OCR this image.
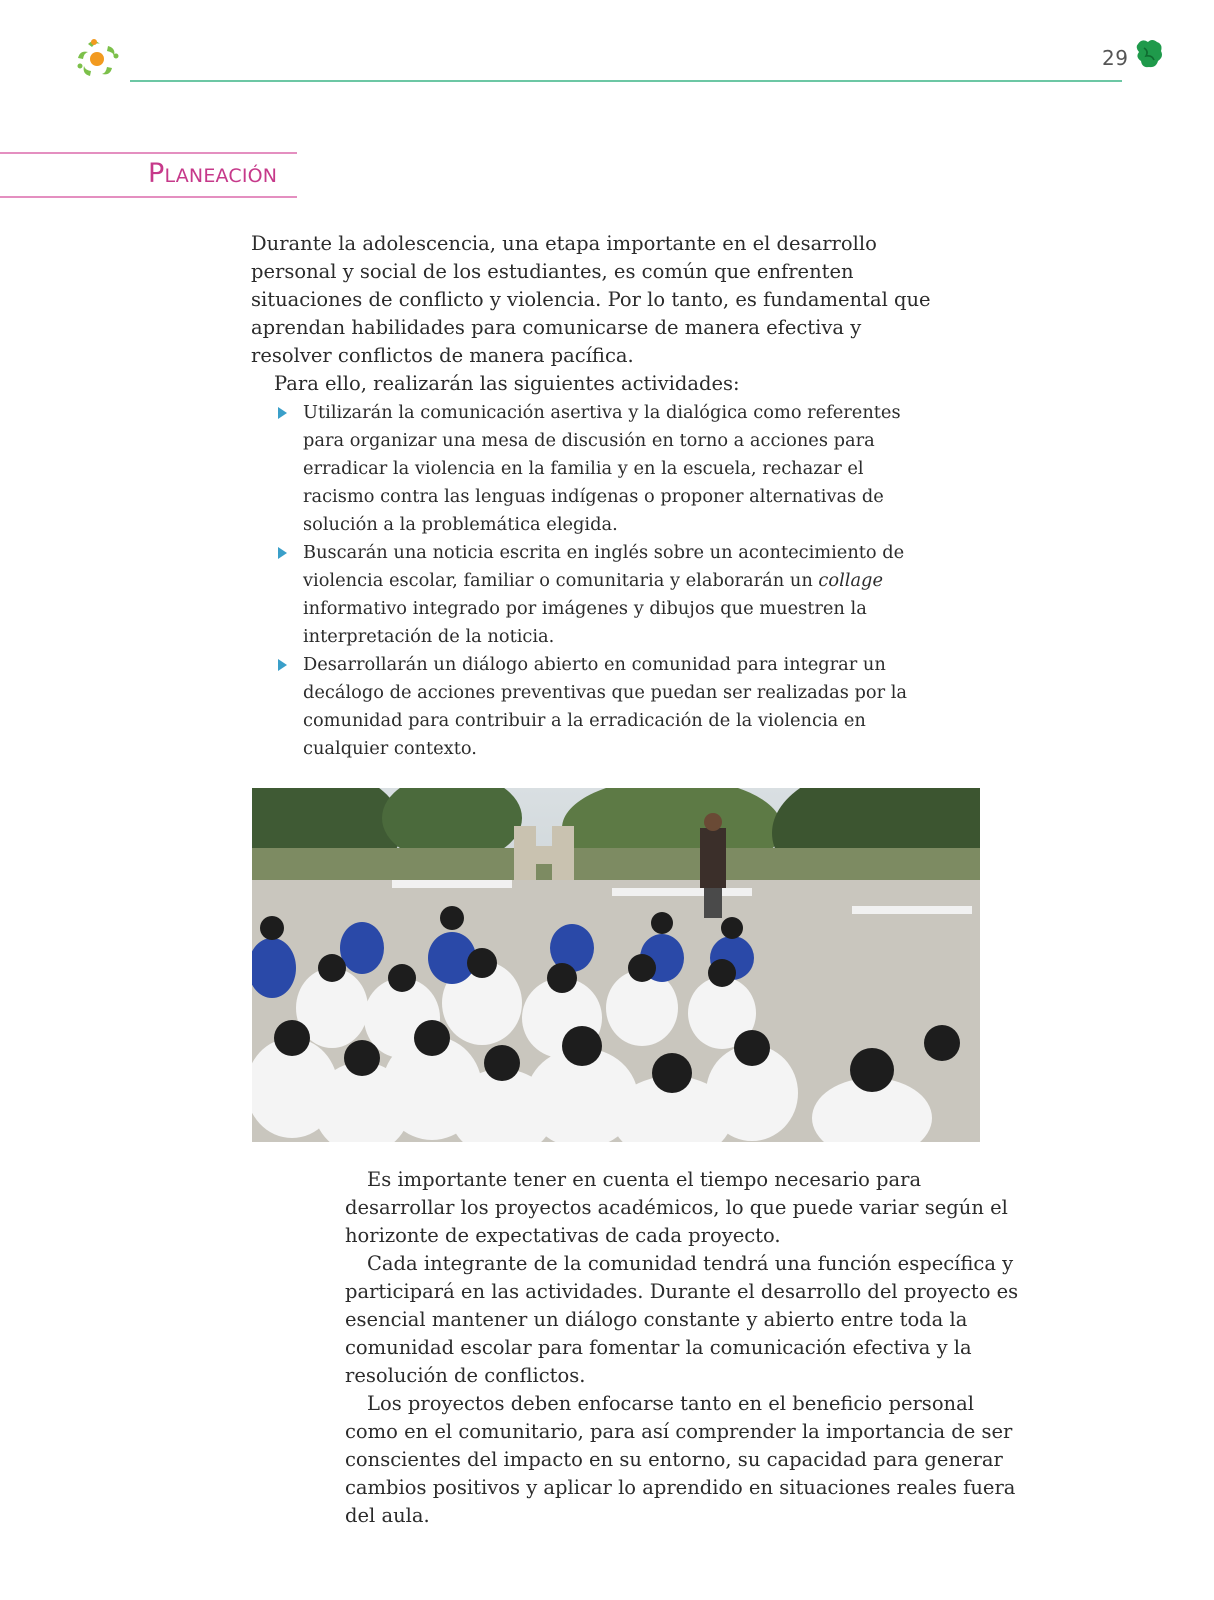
29
Planeación

Durante la adolescencia, una etapa importante en el desarrollo personal y social de los estudiantes, es común que enfrenten situaciones de conflicto y violencia. Por lo tanto, es fundamental que aprendan habilidades para comunicarse de manera efectiva y resolver conflictos de manera pacífica.

Para ello, realizarán las siguientes actividades:

Utilizarán la comunicación asertiva y la dialógica como referentes para organizar una mesa de discusión en torno a acciones para erradicar la violencia en la familia y en la escuela, rechazar el racismo contra las lenguas indígenas o proponer alternativas de solución a la problemática elegida.
Buscarán una noticia escrita en inglés sobre un acontecimiento de violencia escolar, familiar o comunitaria y elaborarán un collage informativo integrado por imágenes y dibujos que muestren la interpretación de la noticia.
Desarrollarán un diálogo abierto en comunidad para integrar un decálogo de acciones preventivas que puedan ser realizadas por la comunidad para contribuir a la erradicación de la violencia en cualquier contexto.

Es importante tener en cuenta el tiempo necesario para desarrollar los proyectos académicos, lo que puede variar según el horizonte de expectativas de cada proyecto.

Cada integrante de la comunidad tendrá una función específica y participará en las actividades. Durante el desarrollo del proyecto es esencial mantener un diálogo constante y abierto entre toda la comunidad escolar para fomentar la comunicación efectiva y la resolución de conflictos.

Los proyectos deben enfocarse tanto en el beneficio personal como en el comunitario, para así comprender la importancia de ser conscientes del impacto en su entorno, su capacidad para generar cambios positivos y aplicar lo aprendido en situaciones reales fuera del aula.
